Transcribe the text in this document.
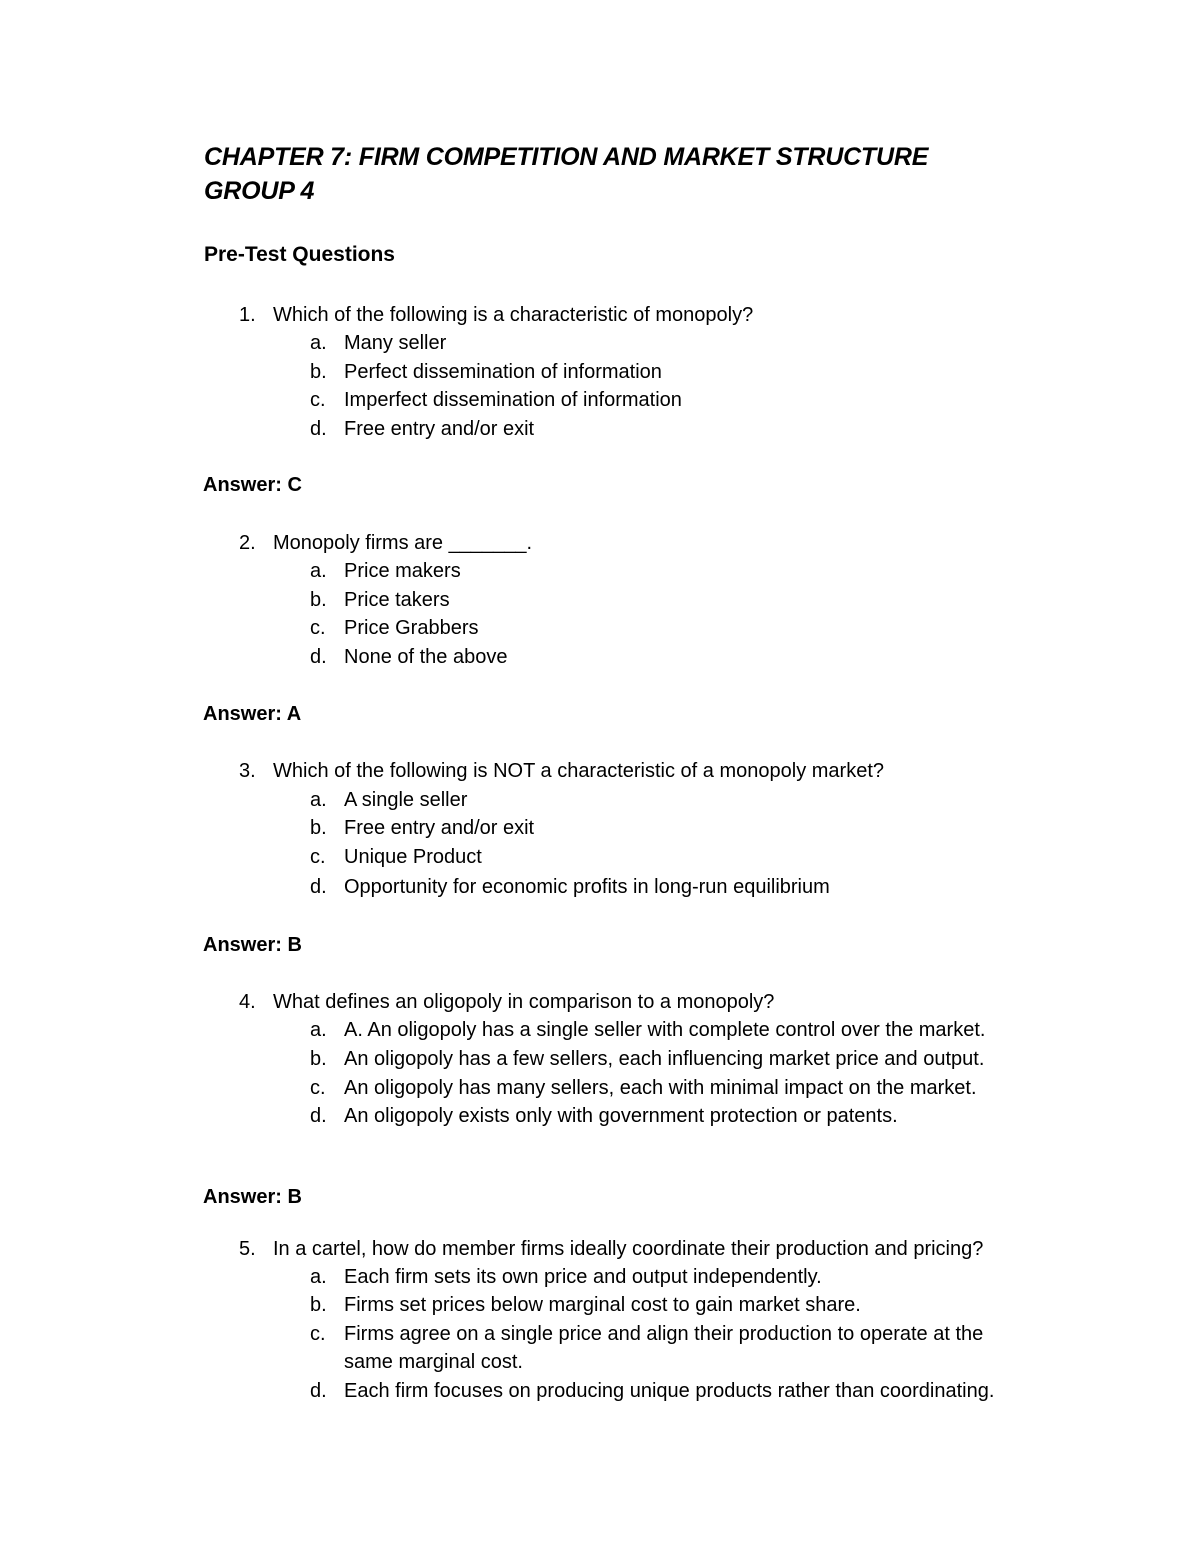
CHAPTER 7: FIRM COMPETITION AND MARKET STRUCTURE
GROUP 4
Pre-Test Questions
1. Which of the following is a characteristic of monopoly?
a. Many seller
b. Perfect dissemination of information
c. Imperfect dissemination of information
d. Free entry and/or exit
Answer: C
2. Monopoly firms are _______.
a. Price makers
b. Price takers
c. Price Grabbers
d. None of the above
Answer: A
3. Which of the following is NOT a characteristic of a monopoly market?
a. A single seller
b. Free entry and/or exit
c. Unique Product
d. Opportunity for economic profits in long-run equilibrium
Answer: B
4. What defines an oligopoly in comparison to a monopoly?
a. A. An oligopoly has a single seller with complete control over the market.
b. An oligopoly has a few sellers, each influencing market price and output.
c. An oligopoly has many sellers, each with minimal impact on the market.
d. An oligopoly exists only with government protection or patents.
Answer: B
5. In a cartel, how do member firms ideally coordinate their production and pricing?
a. Each firm sets its own price and output independently.
b. Firms set prices below marginal cost to gain market share.
c. Firms agree on a single price and align their production to operate at the
same marginal cost.
d. Each firm focuses on producing unique products rather than coordinating.
